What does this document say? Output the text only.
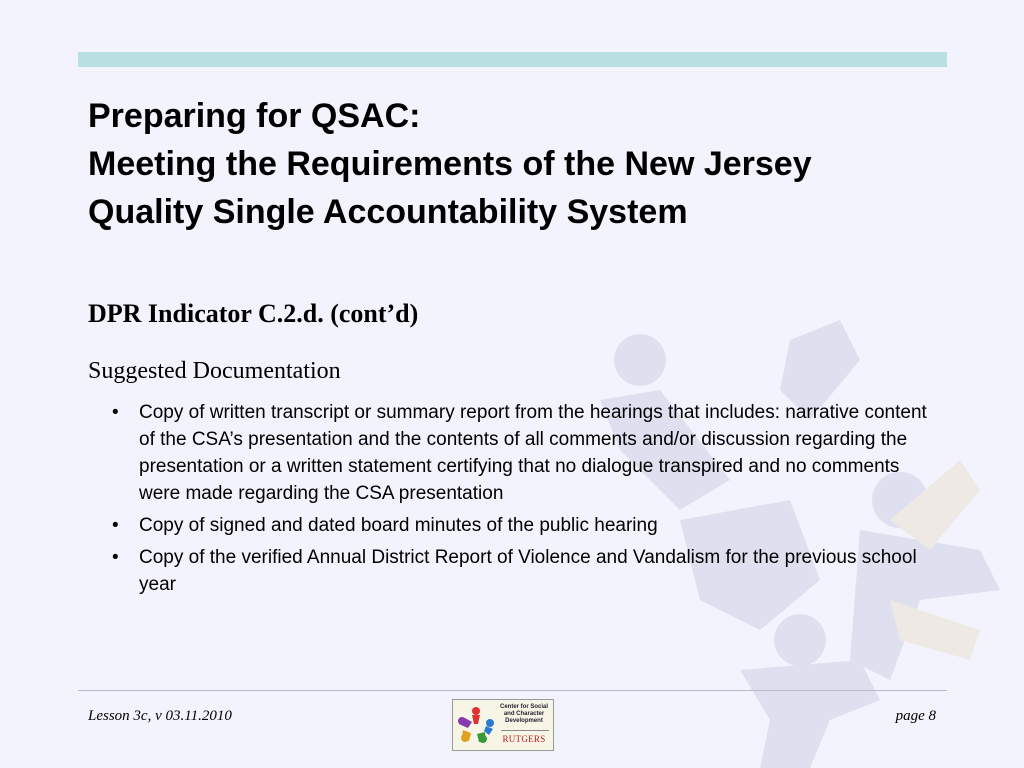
Preparing for QSAC:
Meeting the Requirements of the New Jersey
Quality Single Accountability System
DPR Indicator C.2.d. (cont’d)
Suggested Documentation
• Copy of written transcript or summary report from the hearings that includes: narrative content of the CSA’s presentation and the contents of all comments and/or discussion regarding the presentation or a written statement certifying that no dialogue transpired and no comments were made regarding the CSA presentation
• Copy of signed and dated board minutes of the public hearing
• Copy of the verified Annual District Report of Violence and Vandalism for the previous school year
Lesson 3c, v 03.11.2010
Center for Social
and Character
Development
RUTGERS
page 8
